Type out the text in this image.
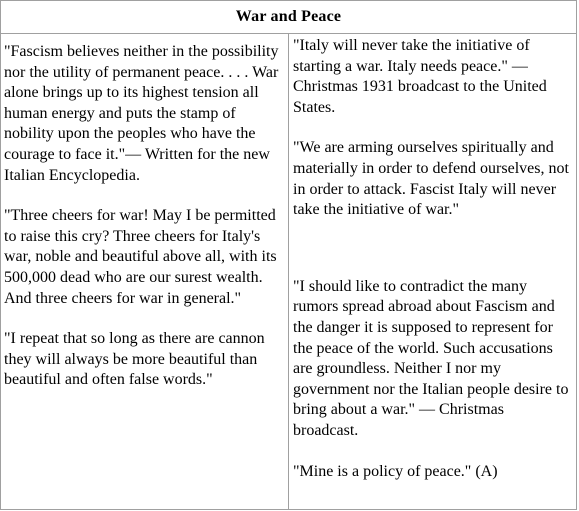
War and Peace

"Fascism believes neither in the possibility nor the utility of permanent peace. . . . War alone brings up to its highest tension all human energy and puts the stamp of nobility upon the peoples who have the courage to face it."— Written for the new Italian Encyclopedia.

"Three cheers for war! May I be permitted to raise this cry? Three cheers for Italy's war, noble and beautiful above all, with its 500,000 dead who are our surest wealth. And three cheers for war in general."

"I repeat that so long as there are cannon they will always be more beautiful than beautiful and often false words."

"Italy will never take the initiative of starting a war. Italy needs peace." — Christmas 1931 broadcast to the United States.

"We are arming ourselves spiritually and materially in order to defend ourselves, not in order to attack. Fascist Italy will never take the initiative of war."

"I should like to contradict the many rumors spread abroad about Fascism and the danger it is supposed to represent for the peace of the world. Such accusations are groundless. Neither I nor my government nor the Italian people desire to bring about a war." — Christmas broadcast.

"Mine is a policy of peace." (A)
